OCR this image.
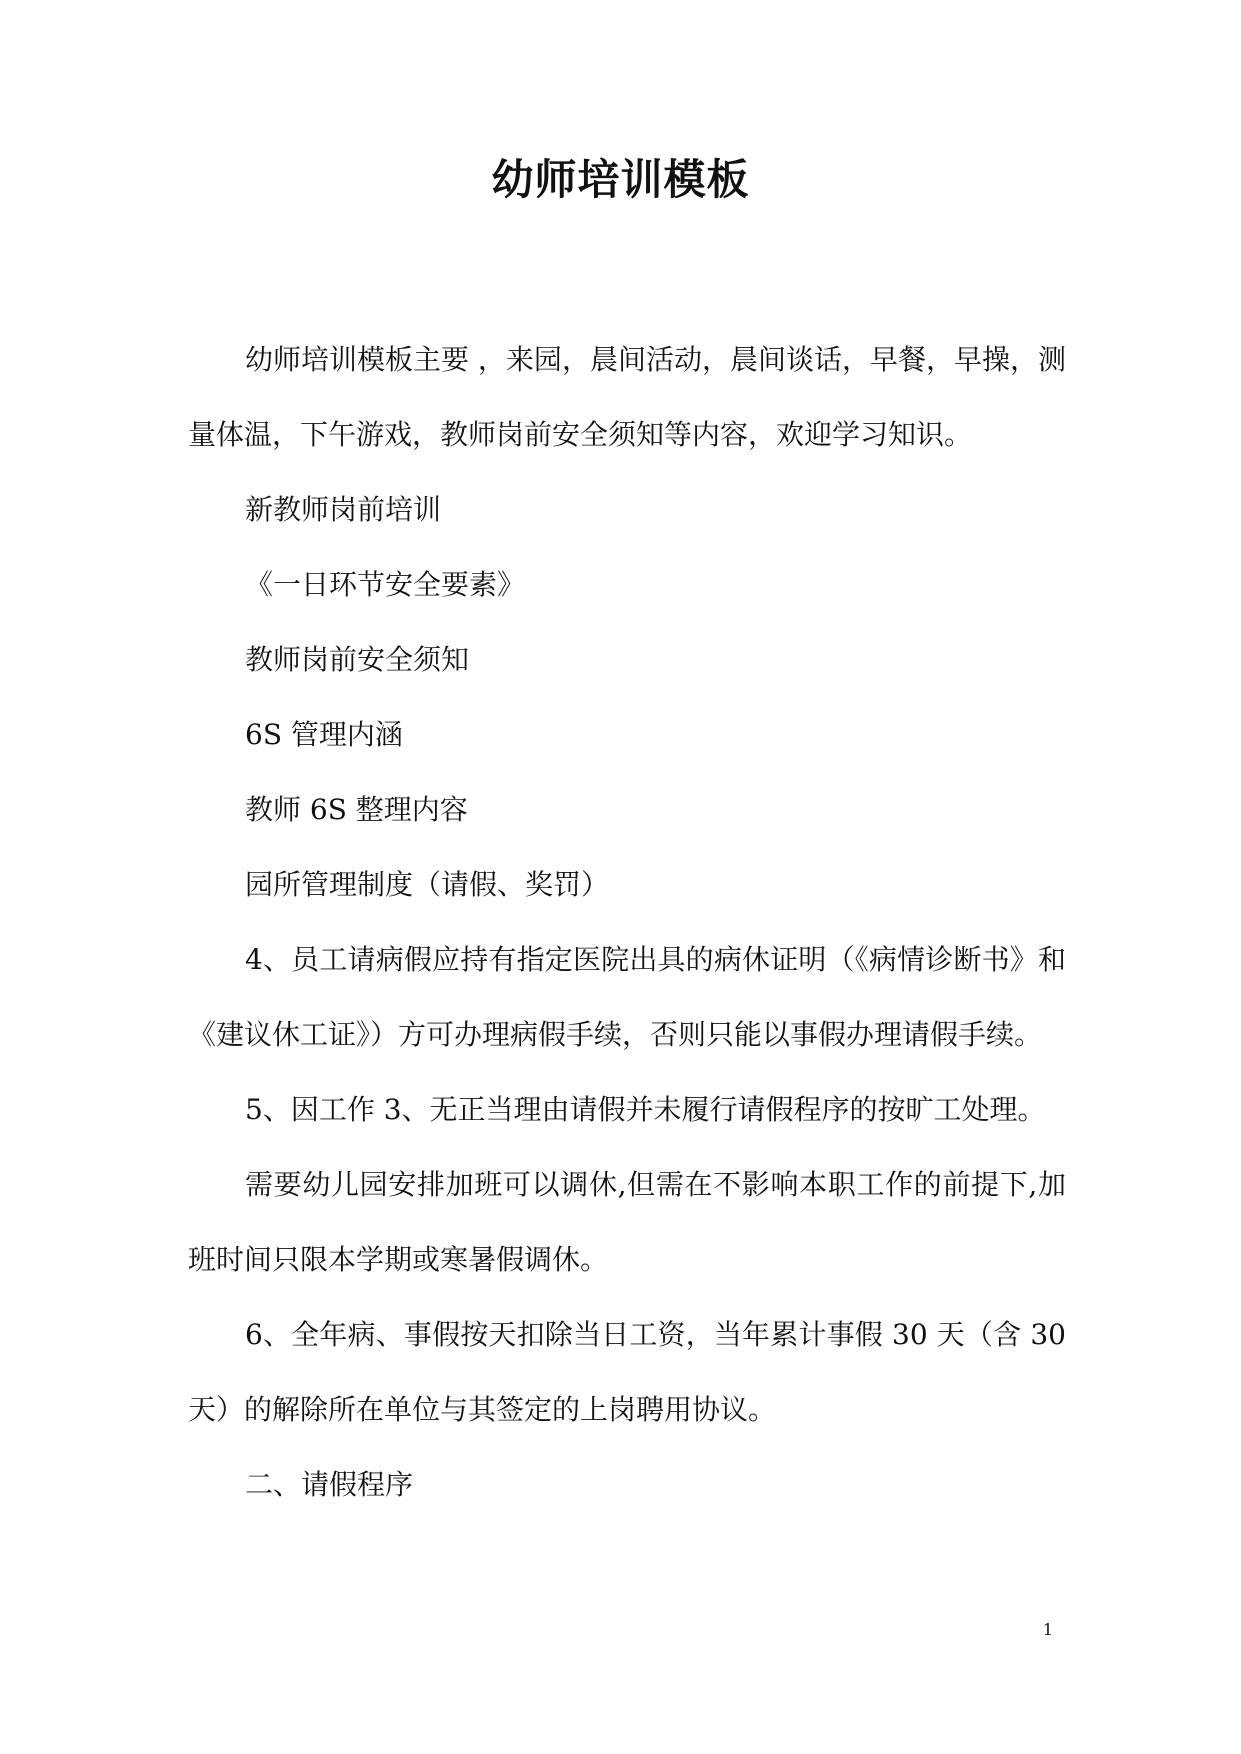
幼师培训模板

幼师培训模板主要 ，来园，晨间活动，晨间谈话，早餐，早操，测量体温，下午游戏，教师岗前安全须知等内容，欢迎学习知识。

新教师岗前培训

《一日环节安全要素》

教师岗前安全须知

6S 管理内涵

教师 6S 整理内容

园所管理制度（请假、奖罚）

4、员工请病假应持有指定医院出具的病休证明（《病情诊断书》和《建议休工证》）方可办理病假手续，否则只能以事假办理请假手续。

5、因工作 3、无正当理由请假并未履行请假程序的按旷工处理。

需要幼儿园安排加班可以调休,但需在不影响本职工作的前提下,加班时间只限本学期或寒暑假调休。

6、全年病、事假按天扣除当日工资，当年累计事假 30 天（含 30 天）的解除所在单位与其签定的上岗聘用协议。

二、请假程序

1
